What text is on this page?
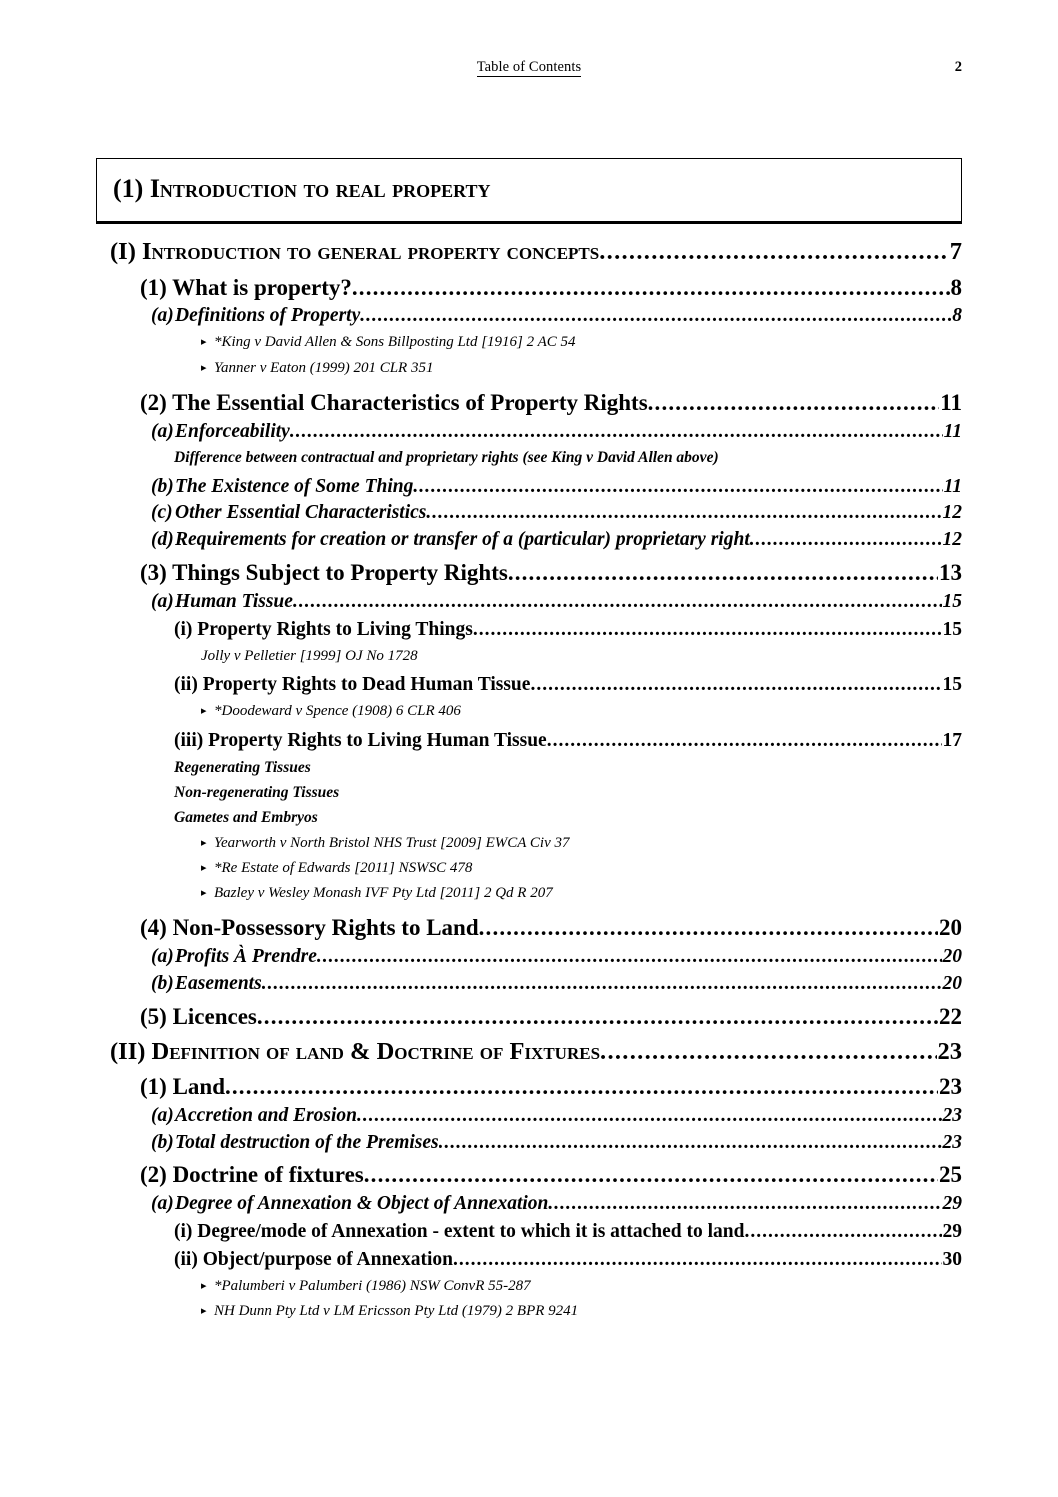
Table of Contents	2
(1) Introduction to real property
(I) Introduction to general property concepts .....	7
(1) What is property? .....	8
(a)Definitions of Property .....	8
▸ *King v David Allen & Sons Billposting Ltd [1916] 2 AC 54
▸ Yanner v Eaton (1999) 201 CLR 351
(2) The Essential Characteristics of Property Rights .....	11
(a)Enforceability .....	11
Difference between contractual and proprietary rights (see King v David Allen above)
(b)The Existence of Some Thing .....	11
(c) Other Essential Characteristics .....	12
(d)Requirements for creation or transfer of a (particular) proprietary right .....	12
(3) Things Subject to Property Rights .....	13
(a)Human Tissue .....	15
(i) Property Rights to Living Things .....	15
Jolly v Pelletier [1999] OJ No 1728
(ii) Property Rights to Dead Human Tissue .....	15
▸ *Doodeward v Spence (1908) 6 CLR 406
(iii) Property Rights to Living Human Tissue .....	17
Regenerating Tissues
Non-regenerating Tissues
Gametes and Embryos
▸ Yearworth v North Bristol NHS Trust [2009] EWCA Civ 37
▸ *Re Estate of Edwards [2011] NSWSC 478
▸ Bazley v Wesley Monash IVF Pty Ltd [2011] 2 Qd R 207
(4) Non-Possessory Rights to Land .....	20
(a)Profits À Prendre .....	20
(b)Easements .....	20
(5) Licences .....	22
(II) Definition of land & Doctrine of Fixtures .....	23
(1) Land .....	23
(a)Accretion and Erosion .....	23
(b)Total destruction of the Premises .....	23
(2) Doctrine of fixtures .....	25
(a)Degree of Annexation & Object of Annexation .....	29
(i) Degree/mode of Annexation - extent to which it is attached to land .....	29
(ii) Object/purpose of Annexation .....	30
▸ *Palumberi v Palumberi (1986) NSW ConvR 55-287
▸ NH Dunn Pty Ltd v LM Ericsson Pty Ltd (1979) 2 BPR 9241
